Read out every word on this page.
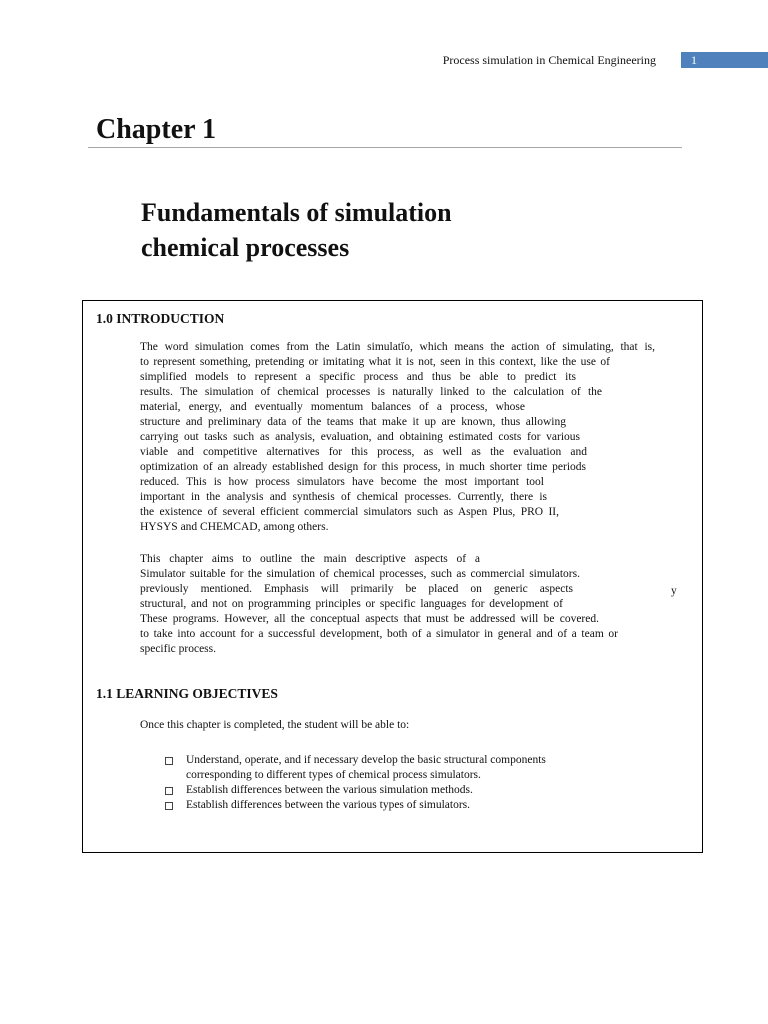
Process simulation in Chemical Engineering	1
Chapter 1
Fundamentals of simulation
chemical processes
1.0 INTRODUCTION
The word simulation comes from the Latin simulatĭo, which means the action of simulating, that is,
to represent something, pretending or imitating what it is not, seen in this context, like the use of
simplified models to represent a specific process and thus be able to predict its
results. The simulation of chemical processes is naturally linked to the calculation of the
material, energy, and eventually momentum balances of a process, whose
structure and preliminary data of the teams that make it up are known, thus allowing
carrying out tasks such as analysis, evaluation, and obtaining estimated costs for various
viable and competitive alternatives for this process, as well as the evaluation and
optimization of an already established design for this process, in much shorter time periods
reduced. This is how process simulators have become the most important tool
important in the analysis and synthesis of chemical processes. Currently, there is
the existence of several efficient commercial simulators such as Aspen Plus, PRO II,
HYSYS and CHEMCAD, among others.
This chapter aims to outline the main descriptive aspects of a
Simulator suitable for the simulation of chemical processes, such as commercial simulators.
previously mentioned. Emphasis will primarily be placed on generic aspects
structural, and not on programming principles or specific languages for development of
These programs. However, all the conceptual aspects that must be addressed will be covered.
to take into account for a successful development, both of a simulator in general and of a team or
specific process.
y
1.1 LEARNING OBJECTIVES
Once this chapter is completed, the student will be able to:
Understand, operate, and if necessary develop the basic structural components
corresponding to different types of chemical process simulators.
Establish differences between the various simulation methods.
Establish differences between the various types of simulators.
